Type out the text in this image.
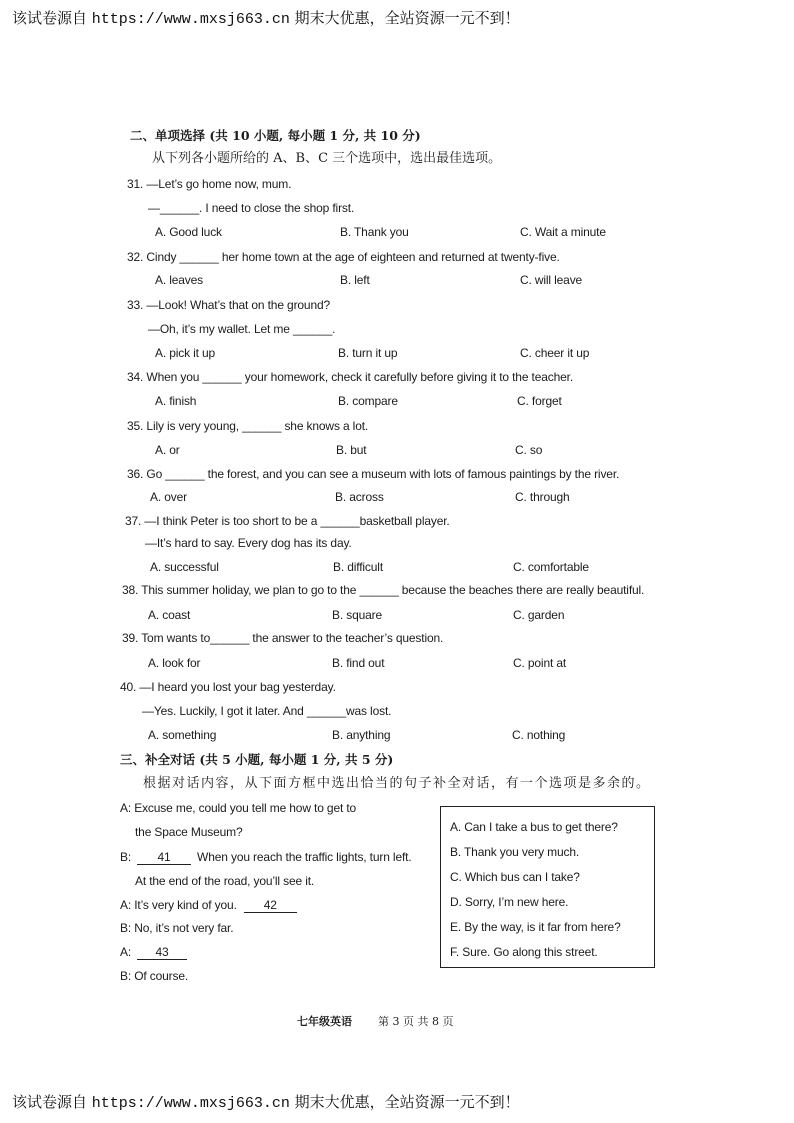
该试卷源自 https://www.mxsj663.cn 期末大优惠，全站资源一元不到！
二、单项选择 (共 10 小题, 每小题 1 分, 共 10 分)
从下列各小题所给的 A、B、C 三个选项中，选出最佳选项。
31. —Let’s go home now, mum.
—______. I need to close the shop first.
A. Good luck	B. Thank you	C. Wait a minute
32. Cindy ______ her home town at the age of eighteen and returned at twenty-five.
A. leaves	B. left	C. will leave
33. —Look! What’s that on the ground?
—Oh, it’s my wallet. Let me ______.
A. pick it up	B. turn it up	C. cheer it up
34. When you ______ your homework, check it carefully before giving it to the teacher.
A. finish	B. compare	C. forget
35. Lily is very young, ______ she knows a lot.
A. or	B. but	C. so
36. Go ______ the forest, and you can see a museum with lots of famous paintings by the river.
A. over	B. across	C. through
37. —I think Peter is too short to be a ______basketball player.
—It’s hard to say. Every dog has its day.
A. successful	B. difficult	C. comfortable
38. This summer holiday, we plan to go to the ______ because the beaches there are really beautiful.
A. coast	B. square	C. garden
39. Tom wants to______ the answer to the teacher’s question.
A. look for	B. find out	C. point at
40. —I heard you lost your bag yesterday.
—Yes. Luckily, I got it later. And ______was lost.
A. something	B. anything	C. nothing
三、补全对话 (共 5 小题, 每小题 1 分, 共 5 分)
根据对话内容，从下面方框中选出恰当的句子补全对话，有一个选项是多余的。
A: Excuse me, could you tell me how to get to
the Space Museum?
B: 41 When you reach the traffic lights, turn left.
At the end of the road, you’ll see it.
A: It’s very kind of you. 42
B: No, it’s not very far.
A: 43
B: Of course.
A. Can I take a bus to get there?
B. Thank you very much.
C. Which bus can I take?
D. Sorry, I’m new here.
E. By the way, is it far from here?
F. Sure. Go along this street.
七年级英语 第 3 页 共 8 页
该试卷源自 https://www.mxsj663.cn 期末大优惠，全站资源一元不到！
